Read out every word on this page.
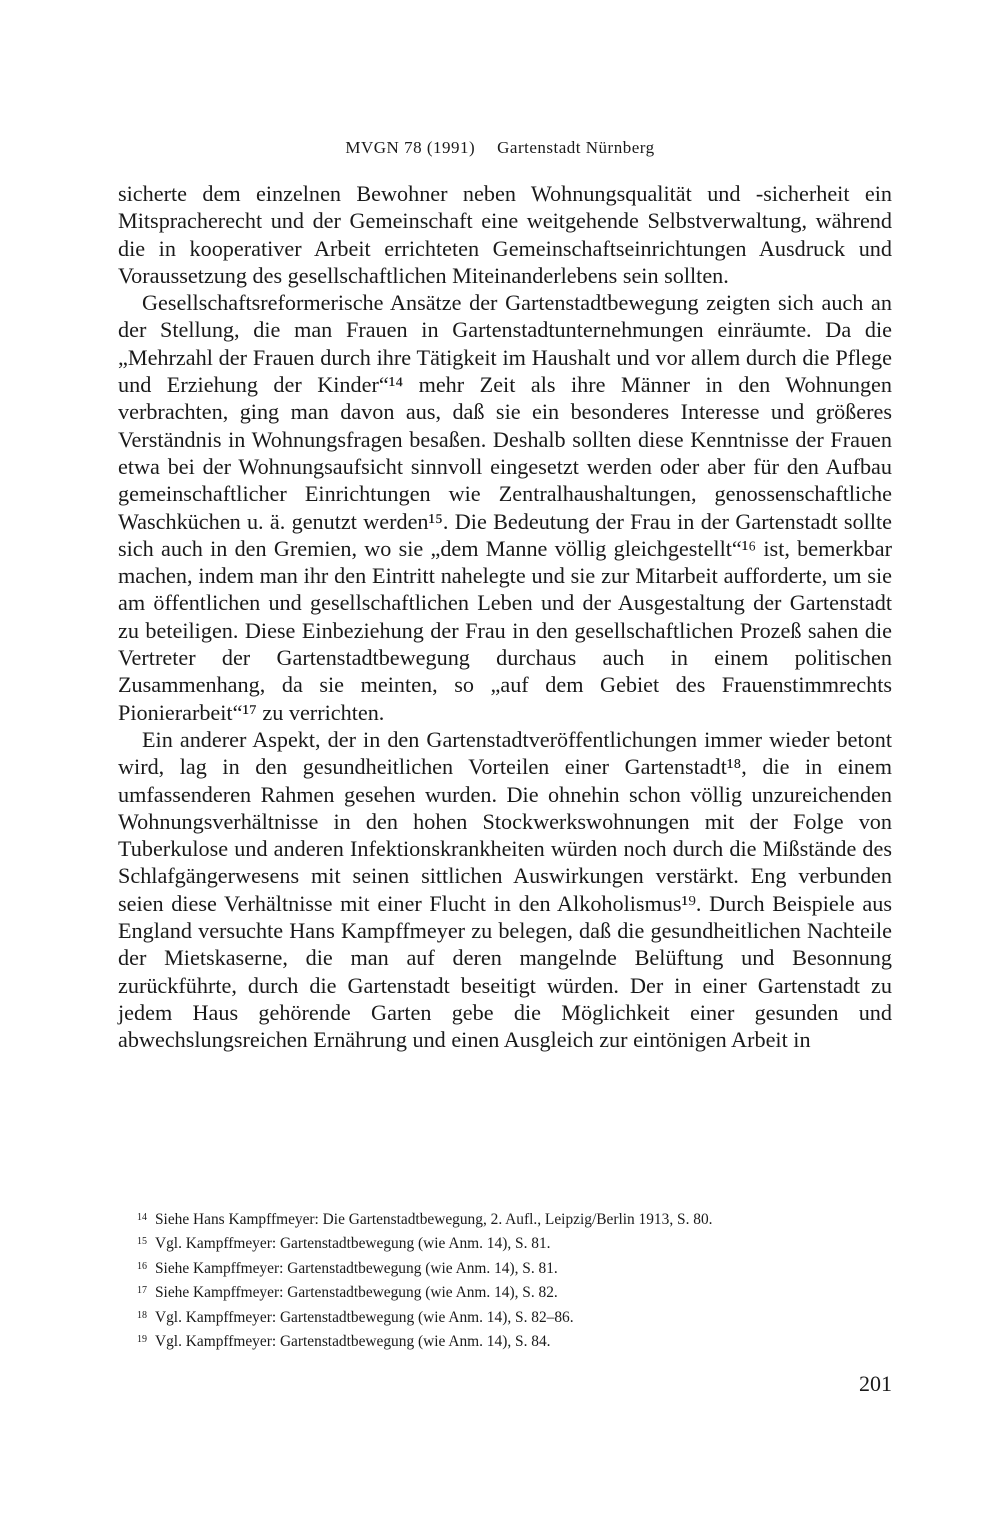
MVGN 78 (1991) Gartenstadt Nürnberg

sicherte dem einzelnen Bewohner neben Wohnungsqualität und -sicherheit ein Mitspracherecht und der Gemeinschaft eine weitgehende Selbstverwaltung, während die in kooperativer Arbeit errichteten Gemeinschaftseinrichtungen Ausdruck und Voraussetzung des gesellschaftlichen Miteinanderlebens sein sollten.

Gesellschaftsreformerische Ansätze der Gartenstadtbewegung zeigten sich auch an der Stellung, die man Frauen in Gartenstadtunternehmungen einräumte. Da die „Mehrzahl der Frauen durch ihre Tätigkeit im Haushalt und vor allem durch die Pflege und Erziehung der Kinder“¹⁴ mehr Zeit als ihre Männer in den Wohnungen verbrachten, ging man davon aus, daß sie ein besonderes Interesse und größeres Verständnis in Wohnungsfragen besaßen. Deshalb sollten diese Kenntnisse der Frauen etwa bei der Wohnungsaufsicht sinnvoll eingesetzt werden oder aber für den Aufbau gemeinschaftlicher Einrichtungen wie Zentralhaushaltungen, genossenschaftliche Waschküchen u. ä. genutzt werden¹⁵. Die Bedeutung der Frau in der Gartenstadt sollte sich auch in den Gremien, wo sie „dem Manne völlig gleichgestellt“¹⁶ ist, bemerkbar machen, indem man ihr den Eintritt nahelegte und sie zur Mitarbeit aufforderte, um sie am öffentlichen und gesellschaftlichen Leben und der Ausgestaltung der Gartenstadt zu beteiligen. Diese Einbeziehung der Frau in den gesellschaftlichen Prozeß sahen die Vertreter der Gartenstadtbewegung durchaus auch in einem politischen Zusammenhang, da sie meinten, so „auf dem Gebiet des Frauenstimmrechts Pionierarbeit“¹⁷ zu verrichten.

Ein anderer Aspekt, der in den Gartenstadtveröffentlichungen immer wieder betont wird, lag in den gesundheitlichen Vorteilen einer Gartenstadt¹⁸, die in einem umfassenderen Rahmen gesehen wurden. Die ohnehin schon völlig unzureichenden Wohnungsverhältnisse in den hohen Stockwerkswohnungen mit der Folge von Tuberkulose und anderen Infektionskrankheiten würden noch durch die Mißstände des Schlafgängerwesens mit seinen sittlichen Auswirkungen verstärkt. Eng verbunden seien diese Verhältnisse mit einer Flucht in den Alkoholismus¹⁹. Durch Beispiele aus England versuchte Hans Kampffmeyer zu belegen, daß die gesundheitlichen Nachteile der Mietskaserne, die man auf deren mangelnde Belüftung und Besonnung zurückführte, durch die Gartenstadt beseitigt würden. Der in einer Gartenstadt zu jedem Haus gehörende Garten gebe die Möglichkeit einer gesunden und abwechslungsreichen Ernährung und einen Ausgleich zur eintönigen Arbeit in

14 Siehe Hans Kampffmeyer: Die Gartenstadtbewegung, 2. Aufl., Leipzig/Berlin 1913, S. 80.

15 Vgl. Kampffmeyer: Gartenstadtbewegung (wie Anm. 14), S. 81.

16 Siehe Kampffmeyer: Gartenstadtbewegung (wie Anm. 14), S. 81.

17 Siehe Kampffmeyer: Gartenstadtbewegung (wie Anm. 14), S. 82.

18 Vgl. Kampffmeyer: Gartenstadtbewegung (wie Anm. 14), S. 82–86.

19 Vgl. Kampffmeyer: Gartenstadtbewegung (wie Anm. 14), S. 84.

201
